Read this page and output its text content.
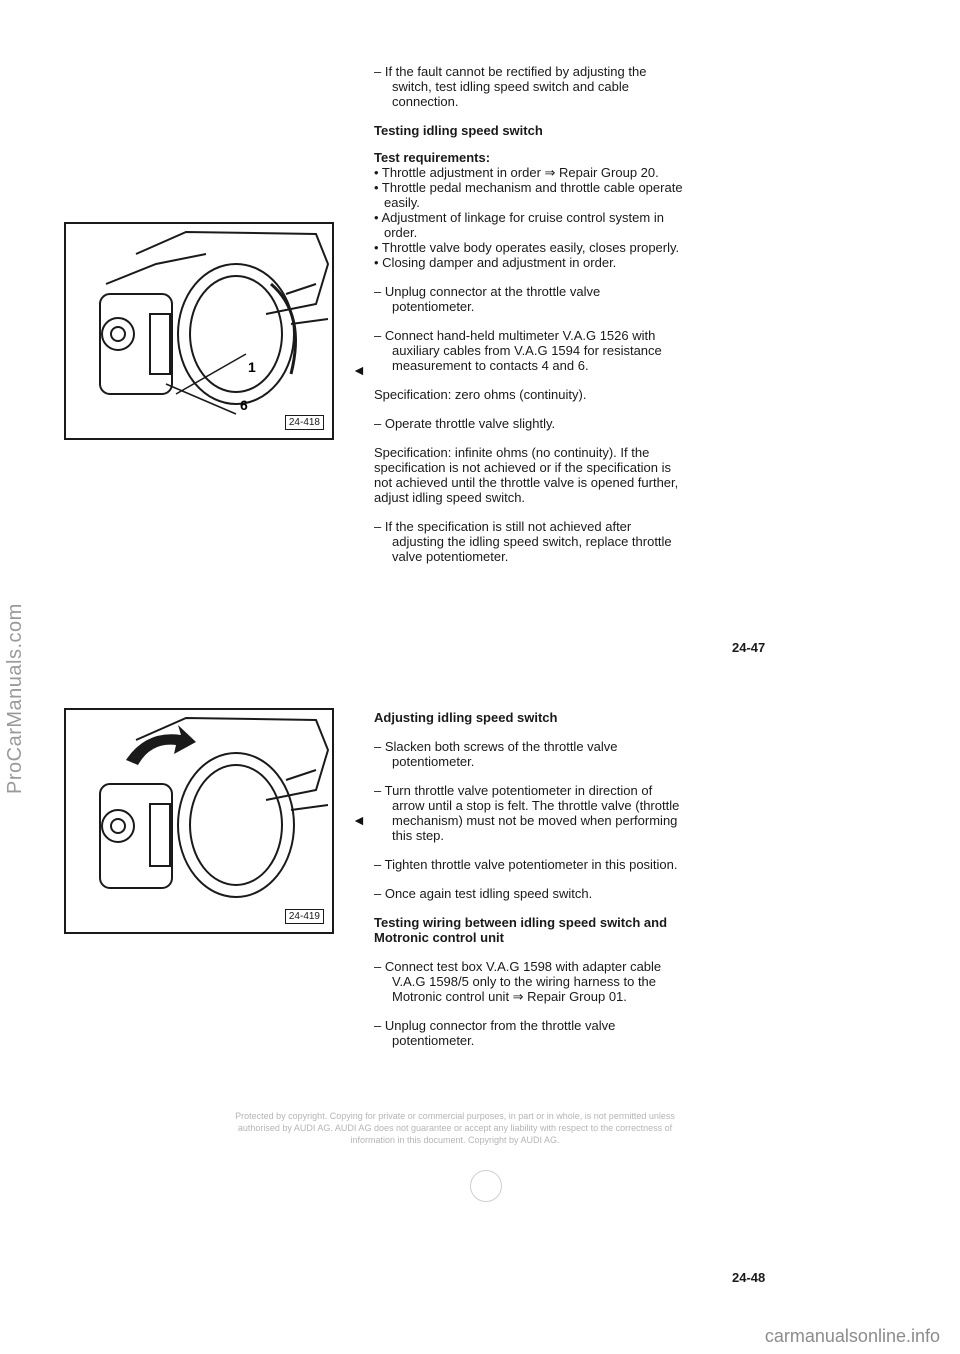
ProCarManuals.com

– If the fault cannot be rectified by adjusting the switch, test idling speed switch and cable connection.

Testing idling speed switch

Test requirements:

• Throttle adjustment in order ⇒ Repair Group 20.

• Throttle pedal mechanism and throttle cable operate easily.

• Adjustment of linkage for cruise control system in order.

• Throttle valve body operates easily, closes properly.

• Closing damper and adjustment in order.

– Unplug connector at the throttle valve potentiometer.

– Connect hand-held multimeter V.A.G 1526 with auxiliary cables from V.A.G 1594 for resistance measurement to contacts 4 and 6.

Specification: zero ohms (continuity).

– Operate throttle valve slightly.

Specification: infinite ohms (no continuity). If the specification is not achieved or if the specification is not achieved until the throttle valve is opened further, adjust idling speed switch.

– If the specification is still not achieved after adjusting the idling speed switch, replace throttle valve potentiometer.

◄
1
6
24-418
24-47
24-419

Adjusting idling speed switch

– Slacken both screws of the throttle valve potentiometer.

– Turn throttle valve potentiometer in direction of arrow until a stop is felt. The throttle valve (throttle mechanism) must not be moved when performing this step.

– Tighten throttle valve potentiometer in this position.

– Once again test idling speed switch.

Testing wiring between idling speed switch and Motronic control unit

– Connect test box V.A.G 1598 with adapter cable V.A.G 1598/5 only to the wiring harness to the Motronic control unit ⇒ Repair Group 01.

– Unplug connector from the throttle valve potentiometer.

◄
Protected by copyright. Copying for private or commercial purposes, in part or in whole, is not permitted unless authorised by AUDI AG. AUDI AG does not guarantee or accept any liability with respect to the correctness of information in this document. Copyright by AUDI AG.
24-48
carmanualsonline.info
